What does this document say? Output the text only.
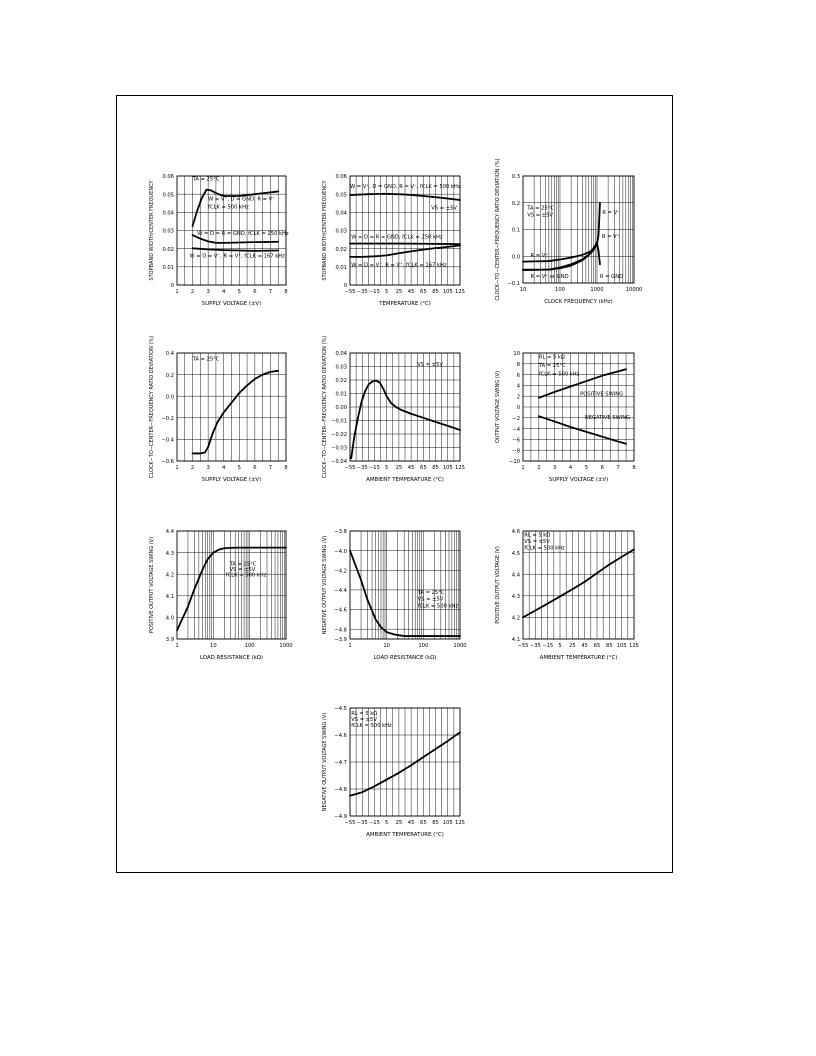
0
0.01
0.02
0.03
0.04
0.05
0.06
1 2 3 4 5 6 7 8
TA = 25°C
W = V⁺, D = GND, R = V⁻
fCLK = 500 kHz
W = D = R = GND, fCLK = 250 kHz
W = D = V⁻, R = V⁺, fCLK = 167 kHz
SUPPLY VOLTAGE (±V)
STOPBAND WIDTH/CENTER FREQUENCY
0
0.01
0.02
0.03
0.04
0.05
0.06
−55 −35 −15 5 25 45 65 85 105 125
W = V⁺, D = GND, R = V⁻, fCLK = 500 kHz
VS = ±5V
W = D = R = GND, fCLK = 250 kHz
W = D = V⁻, R = V⁺, fCLK = 167 kHz
TEMPERATURE (°C)
STOPBAND WIDTH/CENTER FREQUENCY
−0.1
0.0
0.1
0.2
0.3
10	100	1000	10000
TA = 25°C
VS = ±5V	R = V⁻
R = V⁺
R = V⁺
R = V⁺ or GND	R = GND
CLOCK FREQUENCY (kHz)
CLOCK−TO−CENTER−FREQUENCY RATIO DEVIATION (%)
−0.6
−0.4
−0.2
0.0
0.2
0.4
1 2 3 4 5 6 7 8
TA = 25°C
SUPPLY VOLTAGE (±V)
CLOCK−TO−CENTER−FREQUENCY RATIO DEVIATION (%)	−0.04
−0.03
−0.02
−0.01
0.00
0.01
0.02
0.03
0.04
−55 −35 −15 5 25 45 65 85 105 125
VS = ±5V
AMBIENT TEMPERATURE (°C)
CLOCK−TO−CENTER−FREQUENCY RATIO DEVIATION (%)	−10
−8
−6
−4
−2
0
2
4
6
8
10
1 2 3 4 5 6 7 8
RL = 5 kΩ
TA = 25°C
fCLK = 500 kHz
POSITIVE SWING
NEGATIVE SWING
SUPPLY VOLTAGE (±V)
OUTPUT VOLTAGE SWING (V)
3.9
4.0
4.1
4.2
4.3
4.4
1	10	100	1000
TA = 25°C
VS = ±5V
fCLK = 500 kHz
LOAD RESISTANCE (kΩ)
POSITIVE OUTPUT VOLTAGE SWING (V)
−3.9
−4.8
−4.6
−4.4
−4.2
−4.0
−3.8
1	10	100	1000
TA = 25°C
VS = ±5V
fCLK = 500 kHz
LOAD RESISTANCE (kΩ)
NEGATIVE OUTPUT VOLTAGE SWING (V)
4.1
4.2
4.3
4.4
4.5
4.6
−55 −35 −15 5 25 45 65 85 105 125
RL = 5 kΩ
VS = ±5V
fCLK = 500 kHz
AMBIENT TEMPERATURE (°C)
POSITIVE OUTPUT VOLTAGE (V)
−4.9
−4.8
−4.7
−4.6
−4.5
−55 −35 −15 5 25 45 65 85 105 125
RL = 5 kΩ
VS = ±5V
fCLK = 500 kHz
AMBIENT TEMPERATURE (°C)
NEGATIVE OUTPUT VOLTAGE SWING (V)
